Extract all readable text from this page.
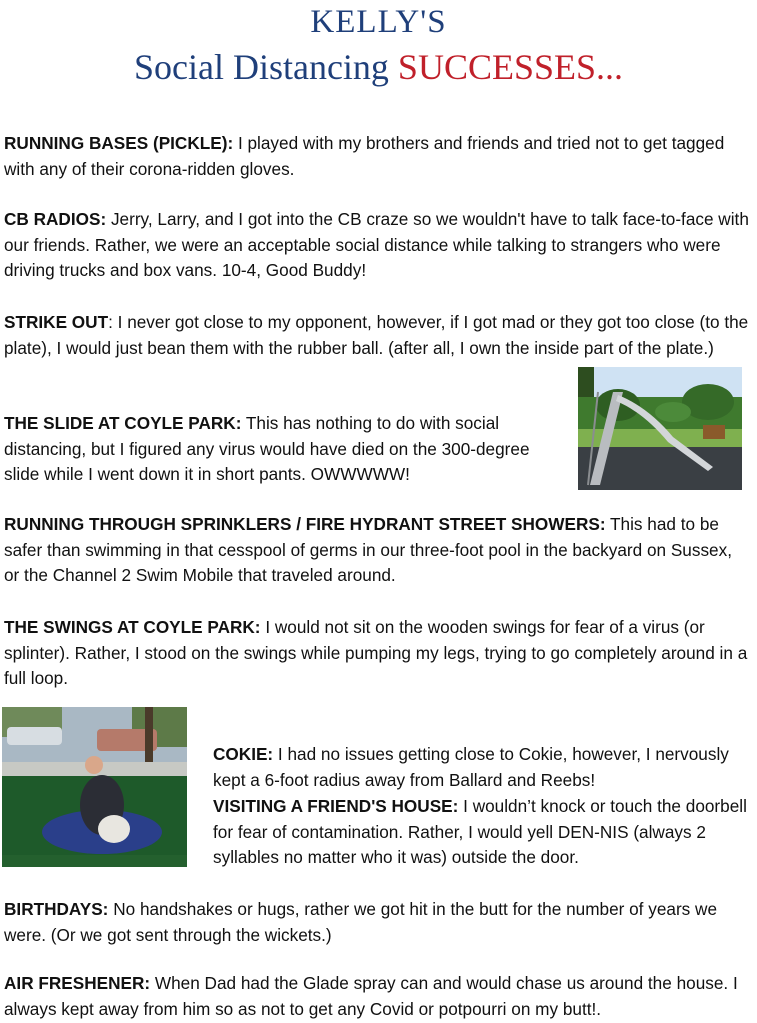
KELLY'S
Social Distancing SUCCESSES...

RUNNING BASES (PICKLE): I played with my brothers and friends and tried not to get tagged with any of their corona-ridden gloves.

CB RADIOS: Jerry, Larry, and I got into the CB craze so we wouldn't have to talk face-to-face with our friends. Rather, we were an acceptable social distance while talking to strangers who were driving trucks and box vans. 10-4, Good Buddy!

STRIKE OUT: I never got close to my opponent, however, if I got mad or they got too close (to the plate), I would just bean them with the rubber ball. (after all, I own the inside part of the plate.)

THE SLIDE AT COYLE PARK: This has nothing to do with social distancing, but I figured any virus would have died on the 300-degree slide while I went down it in short pants. OWWWWW!

RUNNING THROUGH SPRINKLERS / FIRE HYDRANT STREET SHOWERS: This had to be safer than swimming in that cesspool of germs in our three-foot pool in the backyard on Sussex, or the Channel 2 Swim Mobile that traveled around.

THE SWINGS AT COYLE PARK: I would not sit on the wooden swings for fear of a virus (or splinter). Rather, I stood on the swings while pumping my legs, trying to go completely around in a full loop.

COKIE: I had no issues getting close to Cokie, however, I nervously kept a 6-foot radius away from Ballard and Reebs!

VISITING A FRIEND'S HOUSE: I wouldn’t knock or touch the doorbell for fear of contamination. Rather, I would yell DEN-NIS (always 2 syllables no matter who it was) outside the door.

BIRTHDAYS: No handshakes or hugs, rather we got hit in the butt for the number of years we were. (Or we got sent through the wickets.)

AIR FRESHENER: When Dad had the Glade spray can and would chase us around the house. I always kept away from him so as not to get any Covid or potpourri on my butt!.
